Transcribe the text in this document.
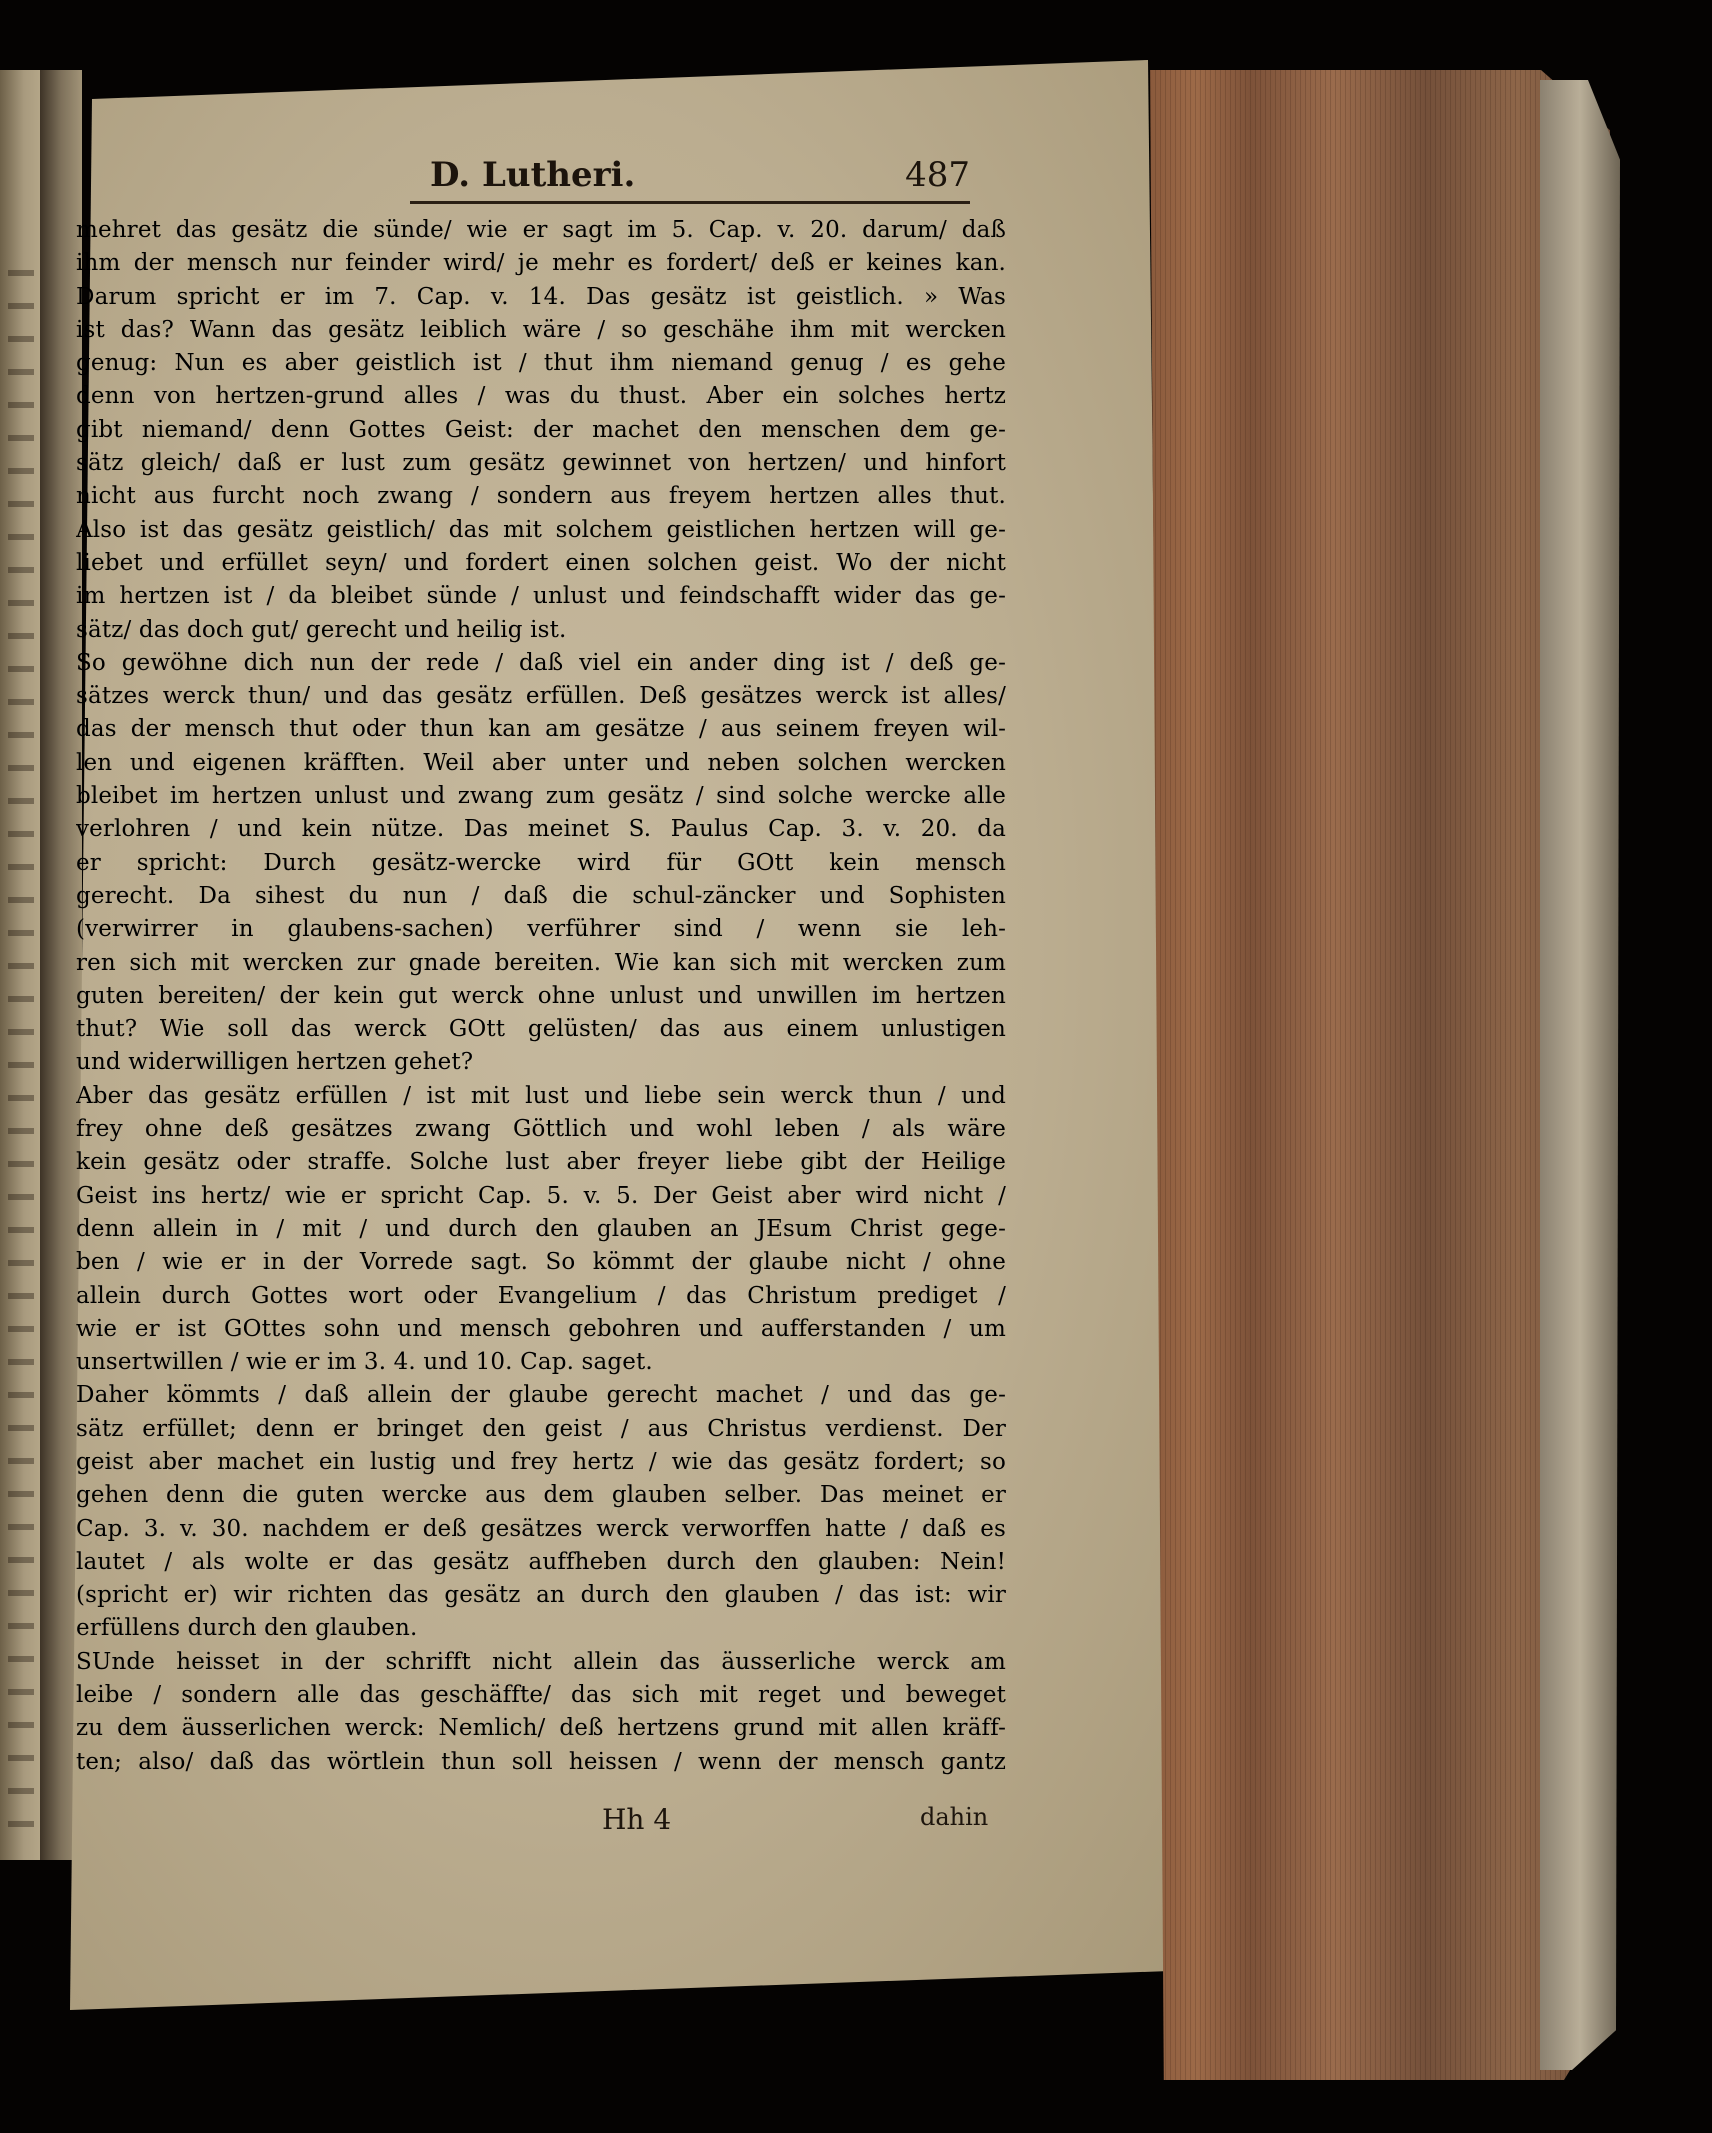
D. Lutheri.	487
mehret das gesätz die sünde/ wie er sagt im 5. Cap. v. 20. darum/ daß
ihm der mensch nur feinder wird/ je mehr es fordert/ deß er keines kan.
Darum spricht er im 7. Cap. v. 14. Das gesätz ist geistlich. » Was
ist das? Wann das gesätz leiblich wäre / so geschähe ihm mit wercken
genug: Nun es aber geistlich ist / thut ihm niemand genug / es gehe
denn von hertzen-grund alles / was du thust. Aber ein solches hertz
gibt niemand/ denn Gottes Geist: der machet den menschen dem ge-
sätz gleich/ daß er lust zum gesätz gewinnet von hertzen/ und hinfort
nicht aus furcht noch zwang / sondern aus freyem hertzen alles thut.
Also ist das gesätz geistlich/ das mit solchem geistlichen hertzen will ge-
liebet und erfüllet seyn/ und fordert einen solchen geist. Wo der nicht
im hertzen ist / da bleibet sünde / unlust und feindschafft wider das ge-
sätz/ das doch gut/ gerecht und heilig ist.
So gewöhne dich nun der rede / daß viel ein ander ding ist / deß ge-
sätzes werck thun/ und das gesätz erfüllen. Deß gesätzes werck ist alles/
das der mensch thut oder thun kan am gesätze / aus seinem freyen wil-
len und eigenen kräfften. Weil aber unter und neben solchen wercken
bleibet im hertzen unlust und zwang zum gesätz / sind solche wercke alle
verlohren / und kein nütze. Das meinet S. Paulus Cap. 3. v. 20. da
er spricht: Durch gesätz-wercke wird für GOtt kein mensch
gerecht. Da sihest du nun / daß die schul-zäncker und Sophisten
(verwirrer in glaubens-sachen) verführer sind / wenn sie leh-
ren sich mit wercken zur gnade bereiten. Wie kan sich mit wercken zum
guten bereiten/ der kein gut werck ohne unlust und unwillen im hertzen
thut? Wie soll das werck GOtt gelüsten/ das aus einem unlustigen
und widerwilligen hertzen gehet?
Aber das gesätz erfüllen / ist mit lust und liebe sein werck thun / und
frey ohne deß gesätzes zwang Göttlich und wohl leben / als wäre
kein gesätz oder straffe. Solche lust aber freyer liebe gibt der Heilige
Geist ins hertz/ wie er spricht Cap. 5. v. 5. Der Geist aber wird nicht /
denn allein in / mit / und durch den glauben an JEsum Christ gege-
ben / wie er in der Vorrede sagt. So kömmt der glaube nicht / ohne
allein durch Gottes wort oder Evangelium / das Christum prediget /
wie er ist GOttes sohn und mensch gebohren und aufferstanden / um
unsertwillen / wie er im 3. 4. und 10. Cap. saget.
Daher kömmts / daß allein der glaube gerecht machet / und das ge-
sätz erfüllet; denn er bringet den geist / aus Christus verdienst. Der
geist aber machet ein lustig und frey hertz / wie das gesätz fordert; so
gehen denn die guten wercke aus dem glauben selber. Das meinet er
Cap. 3. v. 30. nachdem er deß gesätzes werck verworffen hatte / daß es
lautet / als wolte er das gesätz auffheben durch den glauben: Nein!
(spricht er) wir richten das gesätz an durch den glauben / das ist: wir
erfüllens durch den glauben.
SUnde heisset in der schrifft nicht allein das äusserliche werck am
leibe / sondern alle das geschäffte/ das sich mit reget und beweget
zu dem äusserlichen werck: Nemlich/ deß hertzens grund mit allen kräff-
ten; also/ daß das wörtlein thun soll heissen / wenn der mensch gantz
Hh 4	dahin
